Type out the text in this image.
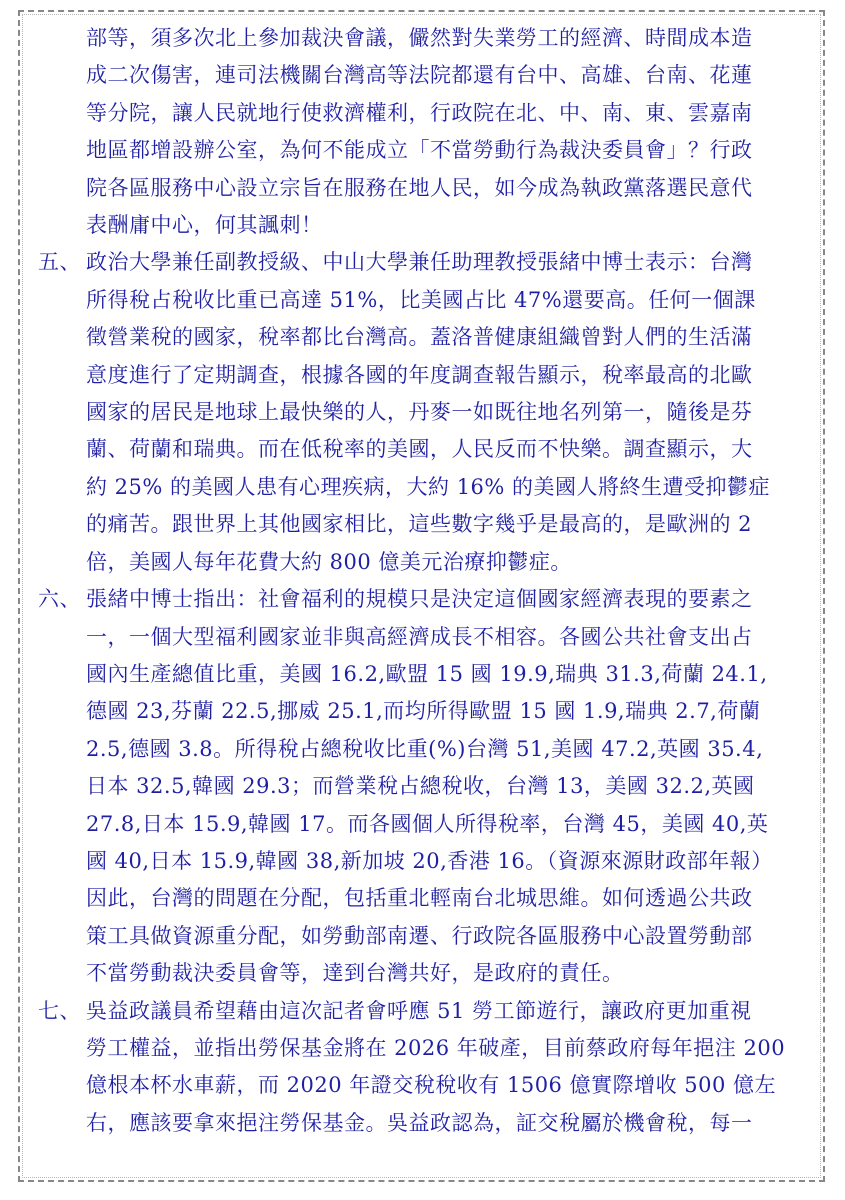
部等，須多次北上參加裁決會議，儼然對失業勞工的經濟、時間成本造
成二次傷害，連司法機關台灣高等法院都還有台中、高雄、台南、花蓮
等分院，讓人民就地行使救濟權利，行政院在北、中、南、東、雲嘉南
地區都增設辦公室，為何不能成立「不當勞動行為裁決委員會」？行政
院各區服務中心設立宗旨在服務在地人民，如今成為執政黨落選民意代
表酬庸中心，何其諷刺！
五、 政治大學兼任副教授級、中山大學兼任助理教授張緒中博士表示：台灣
所得稅占稅收比重已高達 51%，比美國占比 47%還要高。任何一個課
徵營業稅的國家，稅率都比台灣高。蓋洛普健康組織曾對人們的生活滿
意度進行了定期調查，根據各國的年度調查報告顯示，稅率最高的北歐
國家的居民是地球上最快樂的人，丹麥一如既往地名列第一，隨後是芬
蘭、荷蘭和瑞典。而在低稅率的美國，人民反而不快樂。調查顯示，大
約 25% 的美國人患有心理疾病，大約 16% 的美國人將終生遭受抑鬱症
的痛苦。跟世界上其他國家相比，這些數字幾乎是最高的，是歐洲的 2
倍，美國人每年花費大約 800 億美元治療抑鬱症。
六、 張緒中博士指出：社會福利的規模只是決定這個國家經濟表現的要素之
一，一個大型福利國家並非與高經濟成長不相容。各國公共社會支出占
國內生產總值比重，美國 16.2,歐盟 15 國 19.9,瑞典 31.3,荷蘭 24.1,
德國 23,芬蘭 22.5,挪威 25.1,而均所得歐盟 15 國 1.9,瑞典 2.7,荷蘭
2.5,德國 3.8。所得稅占總稅收比重(%)台灣 51,美國 47.2,英國 35.4,
日本 32.5,韓國 29.3；而營業稅占總稅收，台灣 13，美國 32.2,英國
27.8,日本 15.9,韓國 17。而各國個人所得稅率，台灣 45，美國 40,英
國 40,日本 15.9,韓國 38,新加坡 20,香港 16。（資源來源財政部年報）
因此，台灣的問題在分配，包括重北輕南台北城思維。如何透過公共政
策工具做資源重分配，如勞動部南遷、行政院各區服務中心設置勞動部
不當勞動裁決委員會等，達到台灣共好，是政府的責任。
七、 吳益政議員希望藉由這次記者會呼應 51 勞工節遊行，讓政府更加重視
勞工權益，並指出勞保基金將在 2026 年破產，目前蔡政府每年挹注 200
億根本杯水車薪，而 2020 年證交稅稅收有 1506 億實際增收 500 億左
右，應該要拿來挹注勞保基金。吳益政認為，証交稅屬於機會稅，每一
